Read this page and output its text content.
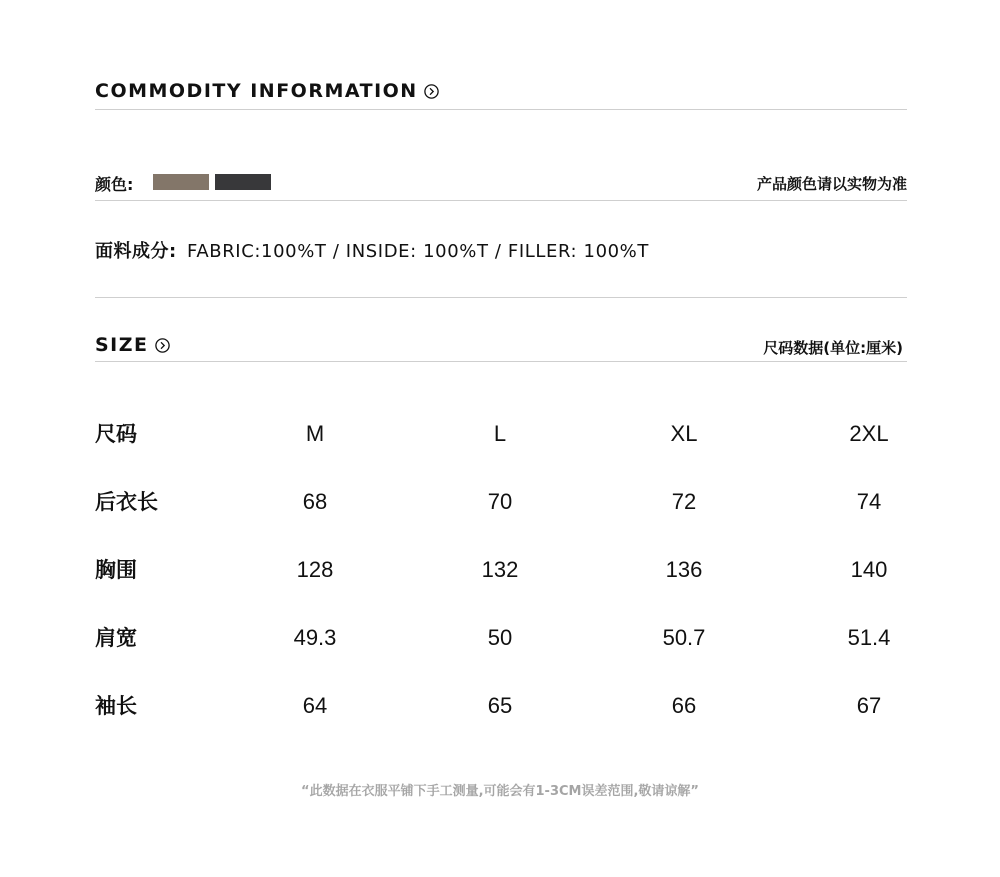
COMMODITY INFORMATION
颜色:	产品颜色请以实物为准
面料成分: FABRIC:100%T / INSIDE: 100%T / FILLER: 100%T
SIZE	尺码数据(单位:厘米)
尺码	M	L	XL	2XL
后衣长	68	70	72	74
胸围	128	132	136	140
肩宽	49.3	50	50.7	51.4
袖长	64	65	66	67
“此数据在衣服平铺下手工测量,可能会有1-3CM误差范围,敬请谅解”
